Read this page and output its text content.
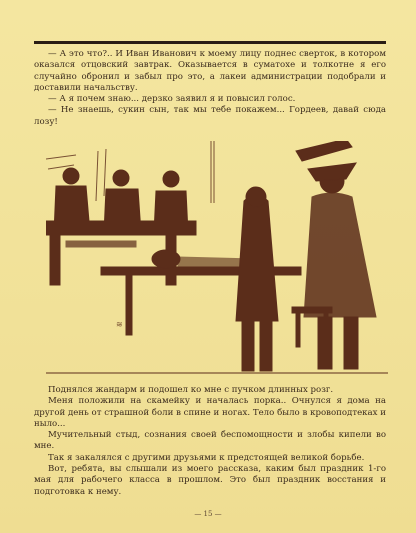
— А это что?.. И Иван Иванович к моему лицу поднес сверток, в котором оказался отцовский завтрак. Оказывается в суматохе и толкотне я его случайно обронил и забыл про это, а лакеи администрации подобрали и доставили начальству.

— А я почем знаю... дерзко заявил я и повысил голос.

— Не знаешь, сукин сын, так мы тебе покажем... Гордеев, давай сюда лозу!

≋

Поднялся жандарм и подошел ко мне с пучком длинных розг.

Меня положили на скамейку и началась порка.. Очнулся я дома на другой день от страшной боли в спине и ногах. Тело было в кровоподтеках и ныло...

Мучительный стыд, сознания своей беспомощности и злобы кипели во мне.

Так я закалялся с другими друзьями к предстоящей великой борьбе.

Вот, ребята, вы слышали из моего рассказа, каким был праздник 1-го мая для рабочего класса в прошлом. Это был праздник восстания и подготовка к нему.

— 15 —
